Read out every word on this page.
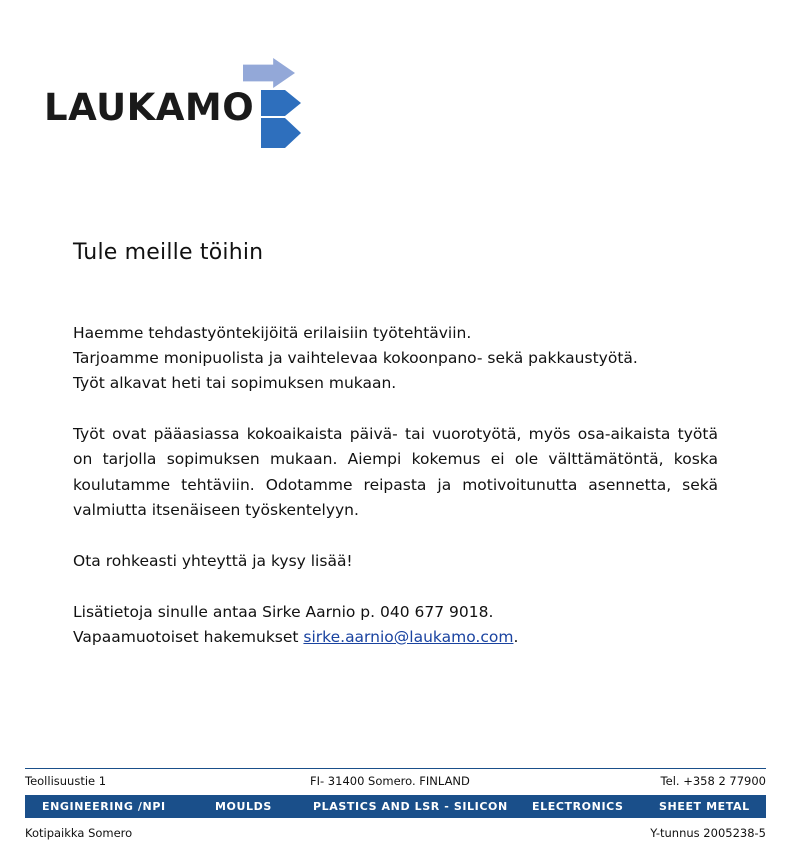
LAUKAMO
Tule meille töihin

Haemme tehdastyöntekijöitä erilaisiin työtehtäviin.
Tarjoamme monipuolista ja vaihtelevaa kokoonpano- sekä pakkaustyötä.
Työt alkavat heti tai sopimuksen mukaan.

Työt ovat pääasiassa kokoaikaista päivä- tai vuorotyötä, myös osa-aikaista työtä on tarjolla sopimuksen mukaan. Aiempi kokemus ei ole välttämätöntä, koska koulutamme tehtäviin. Odotamme reipasta ja motivoitunutta asennetta, sekä valmiutta itsenäiseen työskentelyyn.

Ota rohkeasti yhteyttä ja kysy lisää!

Lisätietoja sinulle antaa Sirke Aarnio p. 040 677 9018.
Vapaamuotoiset hakemukset sirke.aarnio@laukamo.com.

Teollisuustie 1	FI- 31400 Somero. FINLAND	Tel. +358 2 77900
ENGINEERING /NPI	MOULDS	PLASTICS AND LSR - SILICON ELECTRONICS	SHEET METAL
Kotipaikka Somero	Y-tunnus 2005238-5
